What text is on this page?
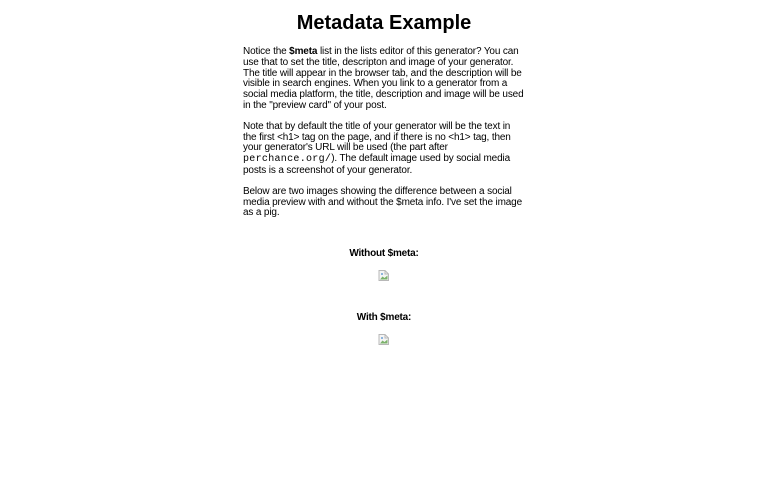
Metadata Example

Notice the $meta list in the lists editor of this generator? You can use that to set the title, descripton and image of your generator. The title will appear in the browser tab, and the description will be visible in search engines. When you link to a generator from a social media platform, the title, description and image will be used in the "preview card" of your post.

Note that by default the title of your generator will be the text in the first <h1> tag on the page, and if there is no <h1> tag, then your generator's URL will be used (the part after perchance.org/). The default image used by social media posts is a screenshot of your generator.

Below are two images showing the difference between a social media preview with and without the $meta info. I've set the image as a pig.

Without $meta:
With $meta:
